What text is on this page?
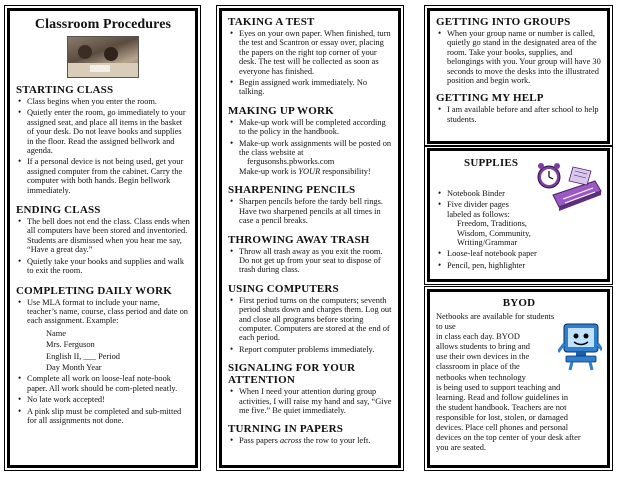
Classroom Procedures
STARTING CLASS
• Class begins when you enter the room.
• Quietly enter the room, go immediately to your assigned seat, and place all items in the basket of your desk. Do not leave books and supplies in the floor. Read the assigned bellwork and agenda.
• If a personal device is not being used, get your assigned computer from the cabinet. Carry the computer with both hands. Begin bellwork immediately.
ENDING CLASS
• The bell does not end the class. Class ends when all computers have been stored and inventoried. Students are dismissed when you hear me say, “Have a great day.”
• Quietly take your books and supplies and walk to exit the room.
COMPLETING DAILY WORK
• Use MLA format to include your name, teacher’s name, course, class period and date on each assignment. Example:
Name
Mrs. Ferguson
English II, ___ Period
Day Month Year
• Complete all work on loose-leaf note-book paper. All work should be com-pleted neatly.
• No late work accepted!
• A pink slip must be completed and sub-mitted for all assignments not done.
TAKING A TEST
• Eyes on your own paper. When finished, turn the test and Scantron or essay over, placing the papers on the right top corner of your desk. The test will be collected as soon as everyone has finished.
• Begin assigned work immediately. No talking.
MAKING UP WORK
• Make-up work will be completed according to the policy in the handbook.
• Make-up work assignments will be posted on the class website at
fergusonshs.pbworks.com
Make-up work is YOUR responsibility!
SHARPENING PENCILS
• Sharpen pencils before the tardy bell rings. Have two sharpened pencils at all times in case a pencil breaks.
THROWING AWAY TRASH
• Throw all trash away as you exit the room. Do not get up from your seat to dispose of trash during class.
USING COMPUTERS
• First period turns on the computers; seventh period shuts down and charges them. Log out and close all programs before storing computer. Computers are stored at the end of each period.
• Report computer problems immediately.
SIGNALING FOR YOUR
ATTENTION
• When I need your attention during group activities, I will raise my hand and say, “Give me five.” Be quiet immediately.
TURNING IN PAPERS
• Pass papers across the row to your left.
GETTING INTO GROUPS
• When your group name or number is called, quietly go stand in the designated area of the room. Take your books, supplies, and belongings with you. Your group will have 30 seconds to move the desks into the illustrated position and begin work.
GETTING MY HELP
• I am available before and after school to help students.
SUPPLIES
• Notebook Binder
• Five divider pages
labeled as follows:
Freedom, Traditions,
Wisdom, Community,
Writing/Grammar
• Loose-leaf notebook paper
• Pencil, pen, highlighter
BYOD
Netbooks are available for students to use
in class each day. BYOD
allows students to bring and
use their own devices in the
classroom in place of the
netbooks when technology
is being used to support teaching and
learning. Read and follow guidelines in
the student handbook. Teachers are not
responsible for lost, stolen, or damaged
devices. Place cell phones and personal
devices on the top center of your desk after
you are seated.
